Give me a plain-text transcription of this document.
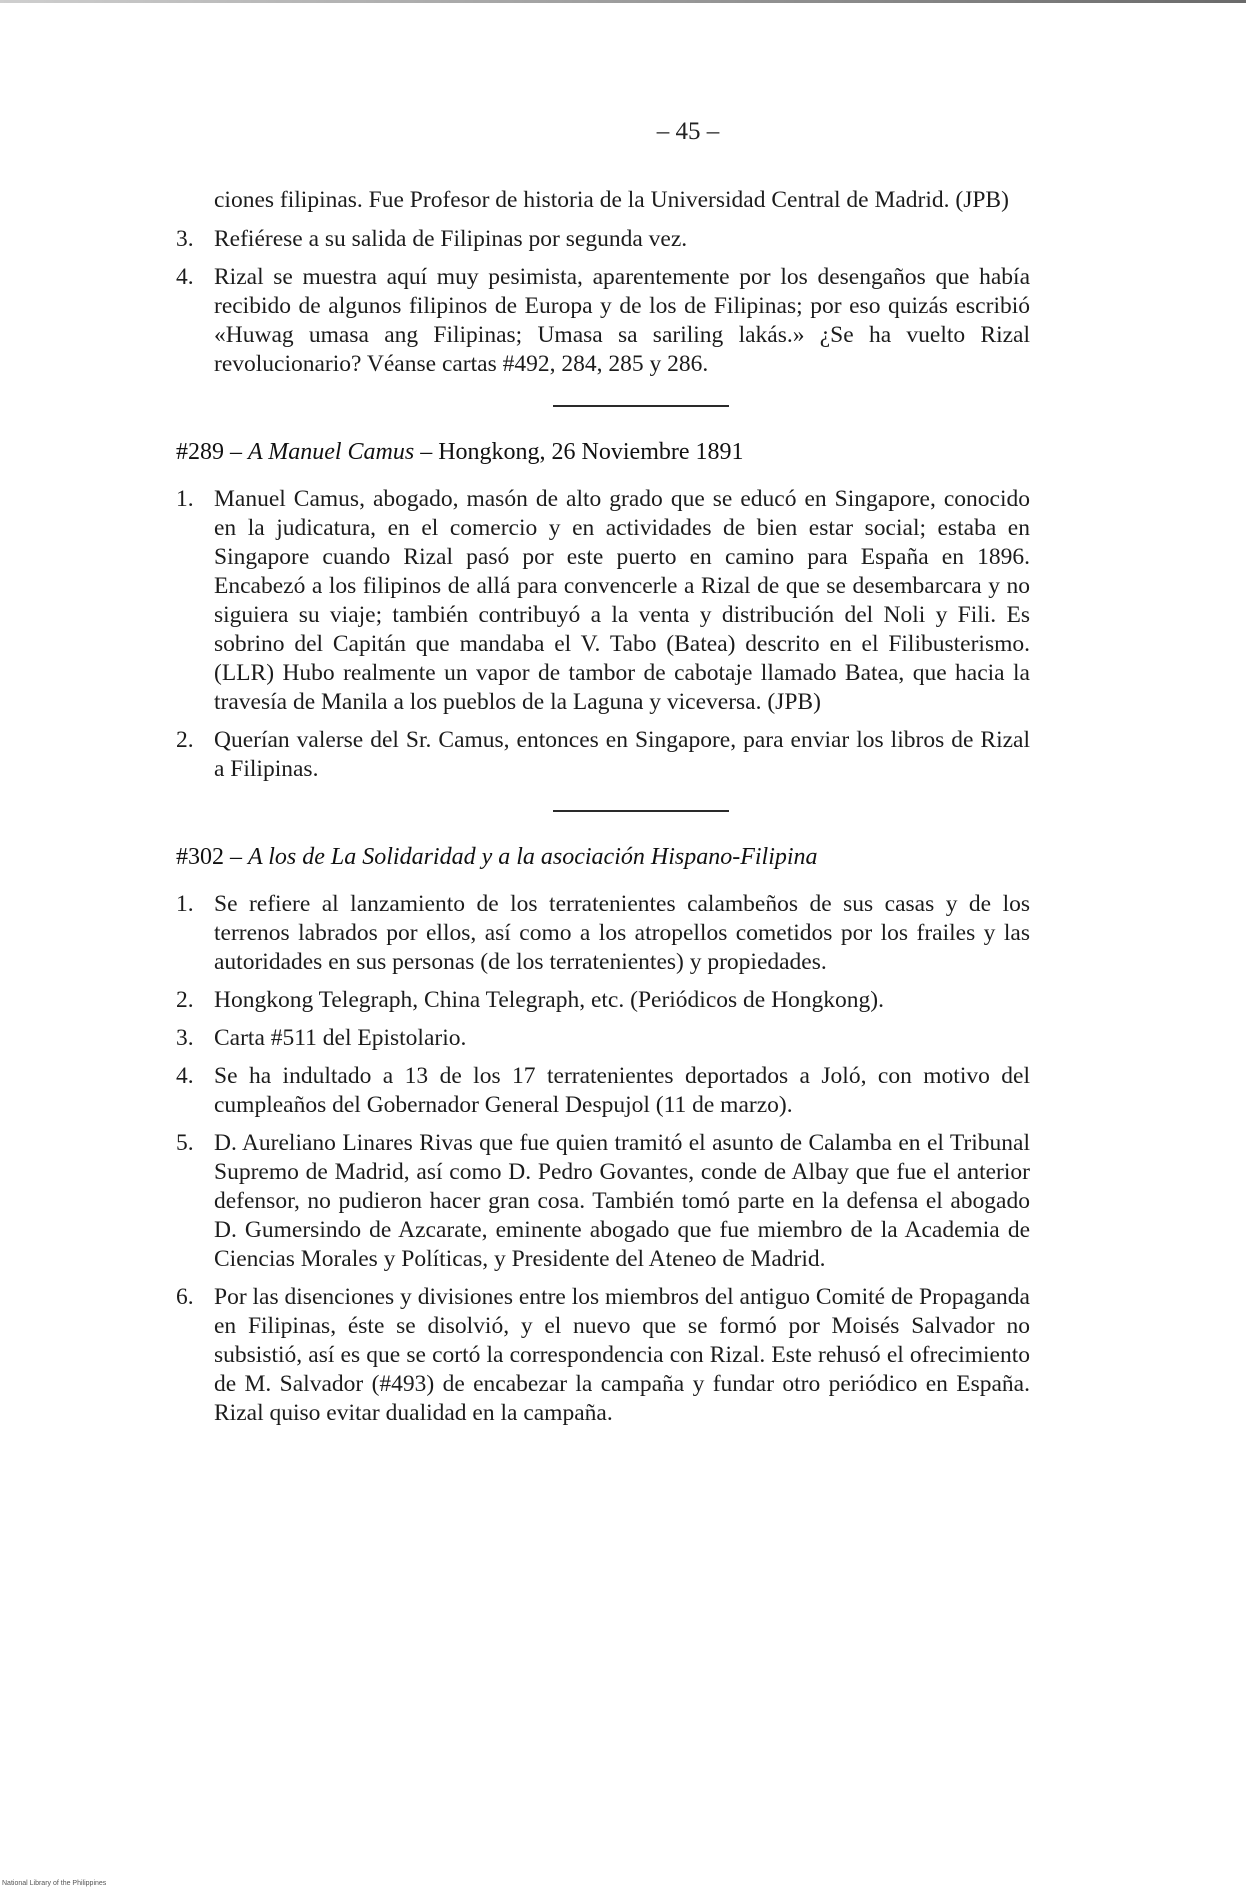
– 45 –

ciones filipinas. Fue Profesor de historia de la Universidad Central de Madrid. (JPB)

3. Refiérese a su salida de Filipinas por segunda vez.
4. Rizal se muestra aquí muy pesimista, aparentemente por los desengaños que había recibido de algunos filipinos de Europa y de los de Filipinas; por eso quizás escribió «Huwag umasa ang Filipinas; Umasa sa sariling lakás.» ¿Se ha vuelto Rizal revolucionario? Véanse cartas #492, 284, 285 y 286.
#289 – A Manuel Camus – Hongkong, 26 Noviembre 1891
1. Manuel Camus, abogado, masón de alto grado que se educó en Singapore, conocido en la judicatura, en el comercio y en actividades de bien estar social; estaba en Singapore cuando Rizal pasó por este puerto en camino para España en 1896. Encabezó a los filipinos de allá para convencerle a Rizal de que se desembarcara y no siguiera su viaje; también contribuyó a la venta y distribución del Noli y Fili. Es sobrino del Capitán que mandaba el V. Tabo (Batea) descrito en el Filibusterismo. (LLR) Hubo realmente un vapor de tambor de cabotaje llamado Batea, que hacia la travesía de Manila a los pueblos de la Laguna y viceversa. (JPB)
2. Querían valerse del Sr. Camus, entonces en Singapore, para enviar los libros de Rizal a Filipinas.
#302 – A los de La Solidaridad y a la asociación Hispano-Filipina
1. Se refiere al lanzamiento de los terratenientes calambeños de sus casas y de los terrenos labrados por ellos, así como a los atropellos cometidos por los frailes y las autoridades en sus personas (de los terratenientes) y propiedades.
2. Hongkong Telegraph, China Telegraph, etc. (Periódicos de Hongkong).
3. Carta #511 del Epistolario.
4. Se ha indultado a 13 de los 17 terratenientes deportados a Joló, con motivo del cumpleaños del Gobernador General Despujol (11 de marzo).
5. D. Aureliano Linares Rivas que fue quien tramitó el asunto de Calamba en el Tribunal Supremo de Madrid, así como D. Pedro Govantes, conde de Albay que fue el anterior defensor, no pudieron hacer gran cosa. También tomó parte en la defensa el abogado D. Gumersindo de Azcarate, eminente abogado que fue miembro de la Academia de Ciencias Morales y Políticas, y Presidente del Ateneo de Madrid.
6. Por las disenciones y divisiones entre los miembros del antiguo Comité de Propaganda en Filipinas, éste se disolvió, y el nuevo que se formó por Moisés Salvador no subsistió, así es que se cortó la correspondencia con Rizal. Este rehusó el ofrecimiento de M. Salvador (#493) de encabezar la campaña y fundar otro periódico en España. Rizal quiso evitar dualidad en la campaña.
National Library of the Philippines
